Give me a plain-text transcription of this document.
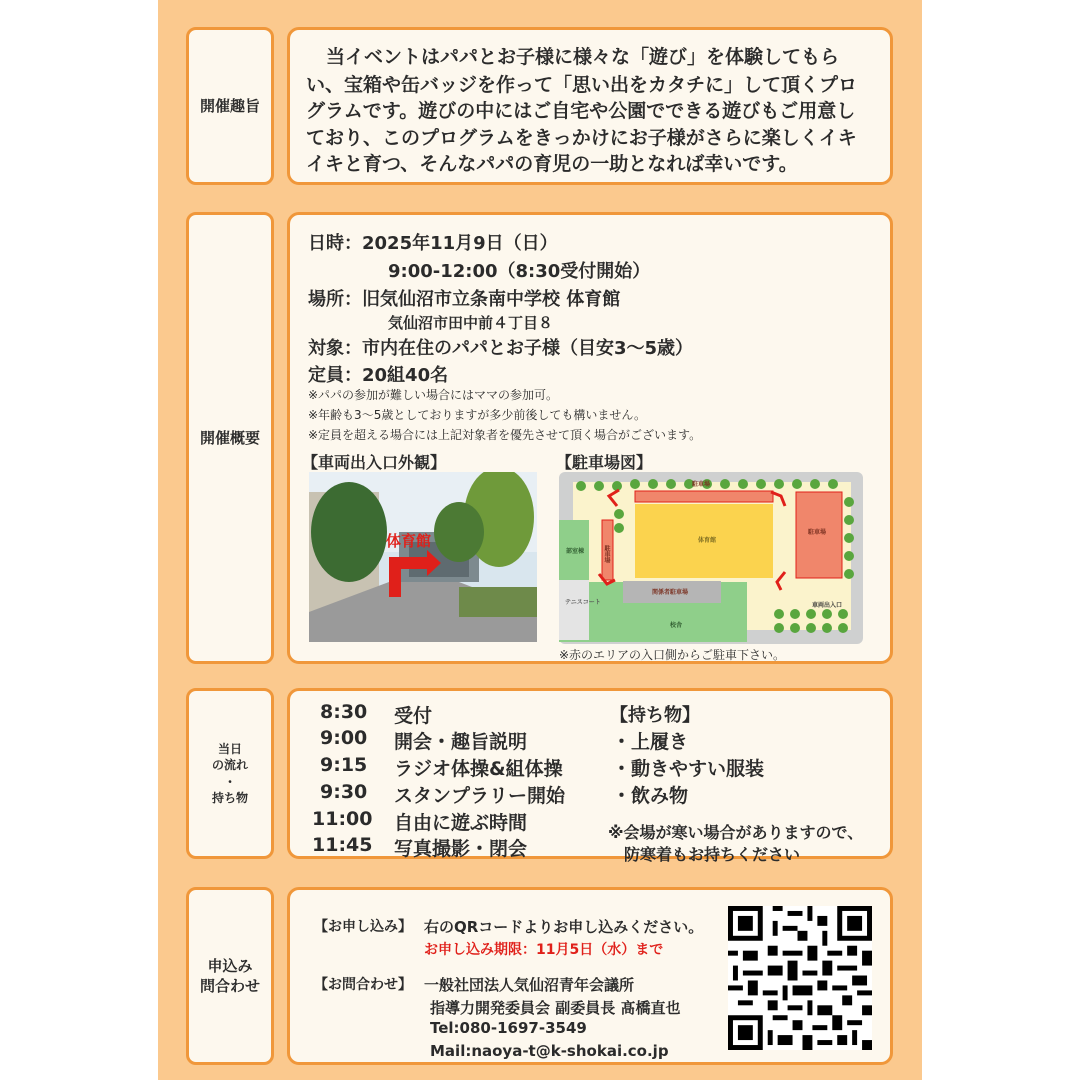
開催趣旨
当イベントはパパとお子様に様々な「遊び」を体験してもら
い、宝箱や缶バッジを作って「思い出をカタチに」して頂くプロ
グラムです。遊びの中にはご自宅や公園でできる遊びもご用意し
ており、このプログラムをきっかけにお子様がさらに楽しくイキ
イキと育つ、そんなパパの育児の一助となれば幸いです。
開催概要
日時：2025年11月9日（日）
9:00-12:00（8:30受付開始）
場所：旧気仙沼市立条南中学校 体育館
気仙沼市田中前４丁目８
対象：市内在住のパパとお子様（目安3～5歳）
定員：20組40名
※パパの参加が難しい場合にはママの参加可。
※年齢も3～5歳としておりますが多少前後しても構いません。
※定員を超える場合には上記対象者を優先させて頂く場合がございます。
【車両出入口外観】	【駐車場図】
体育館
駐車場
体育館
駐車場
関係者駐車場
部室棟	駐車場
テニスコート
校舎
車両出入口
※赤のエリアの入口側からご駐車下さい。
当日
の流れ
・
持ち物
8:30 受付
9:00 開会・趣旨説明
9:15 ラジオ体操&組体操
9:30 スタンプラリー開始
11:00 自由に遊ぶ時間
11:45 写真撮影・閉会
【持ち物】
・上履き
・動きやすい服装
・飲み物
※会場が寒い場合がありますので、
防寒着もお持ちください
申込み
問合わせ
【お申し込み】 右のQRコードよりお申し込みください。
お申し込み期限：11月5日（水）まで
【お問合わせ】 一般社団法人気仙沼青年会議所
指導力開発委員会 副委員長 髙橋直也
Tel:080-1697-3549
Mail:naoya-t@k-shokai.co.jp
